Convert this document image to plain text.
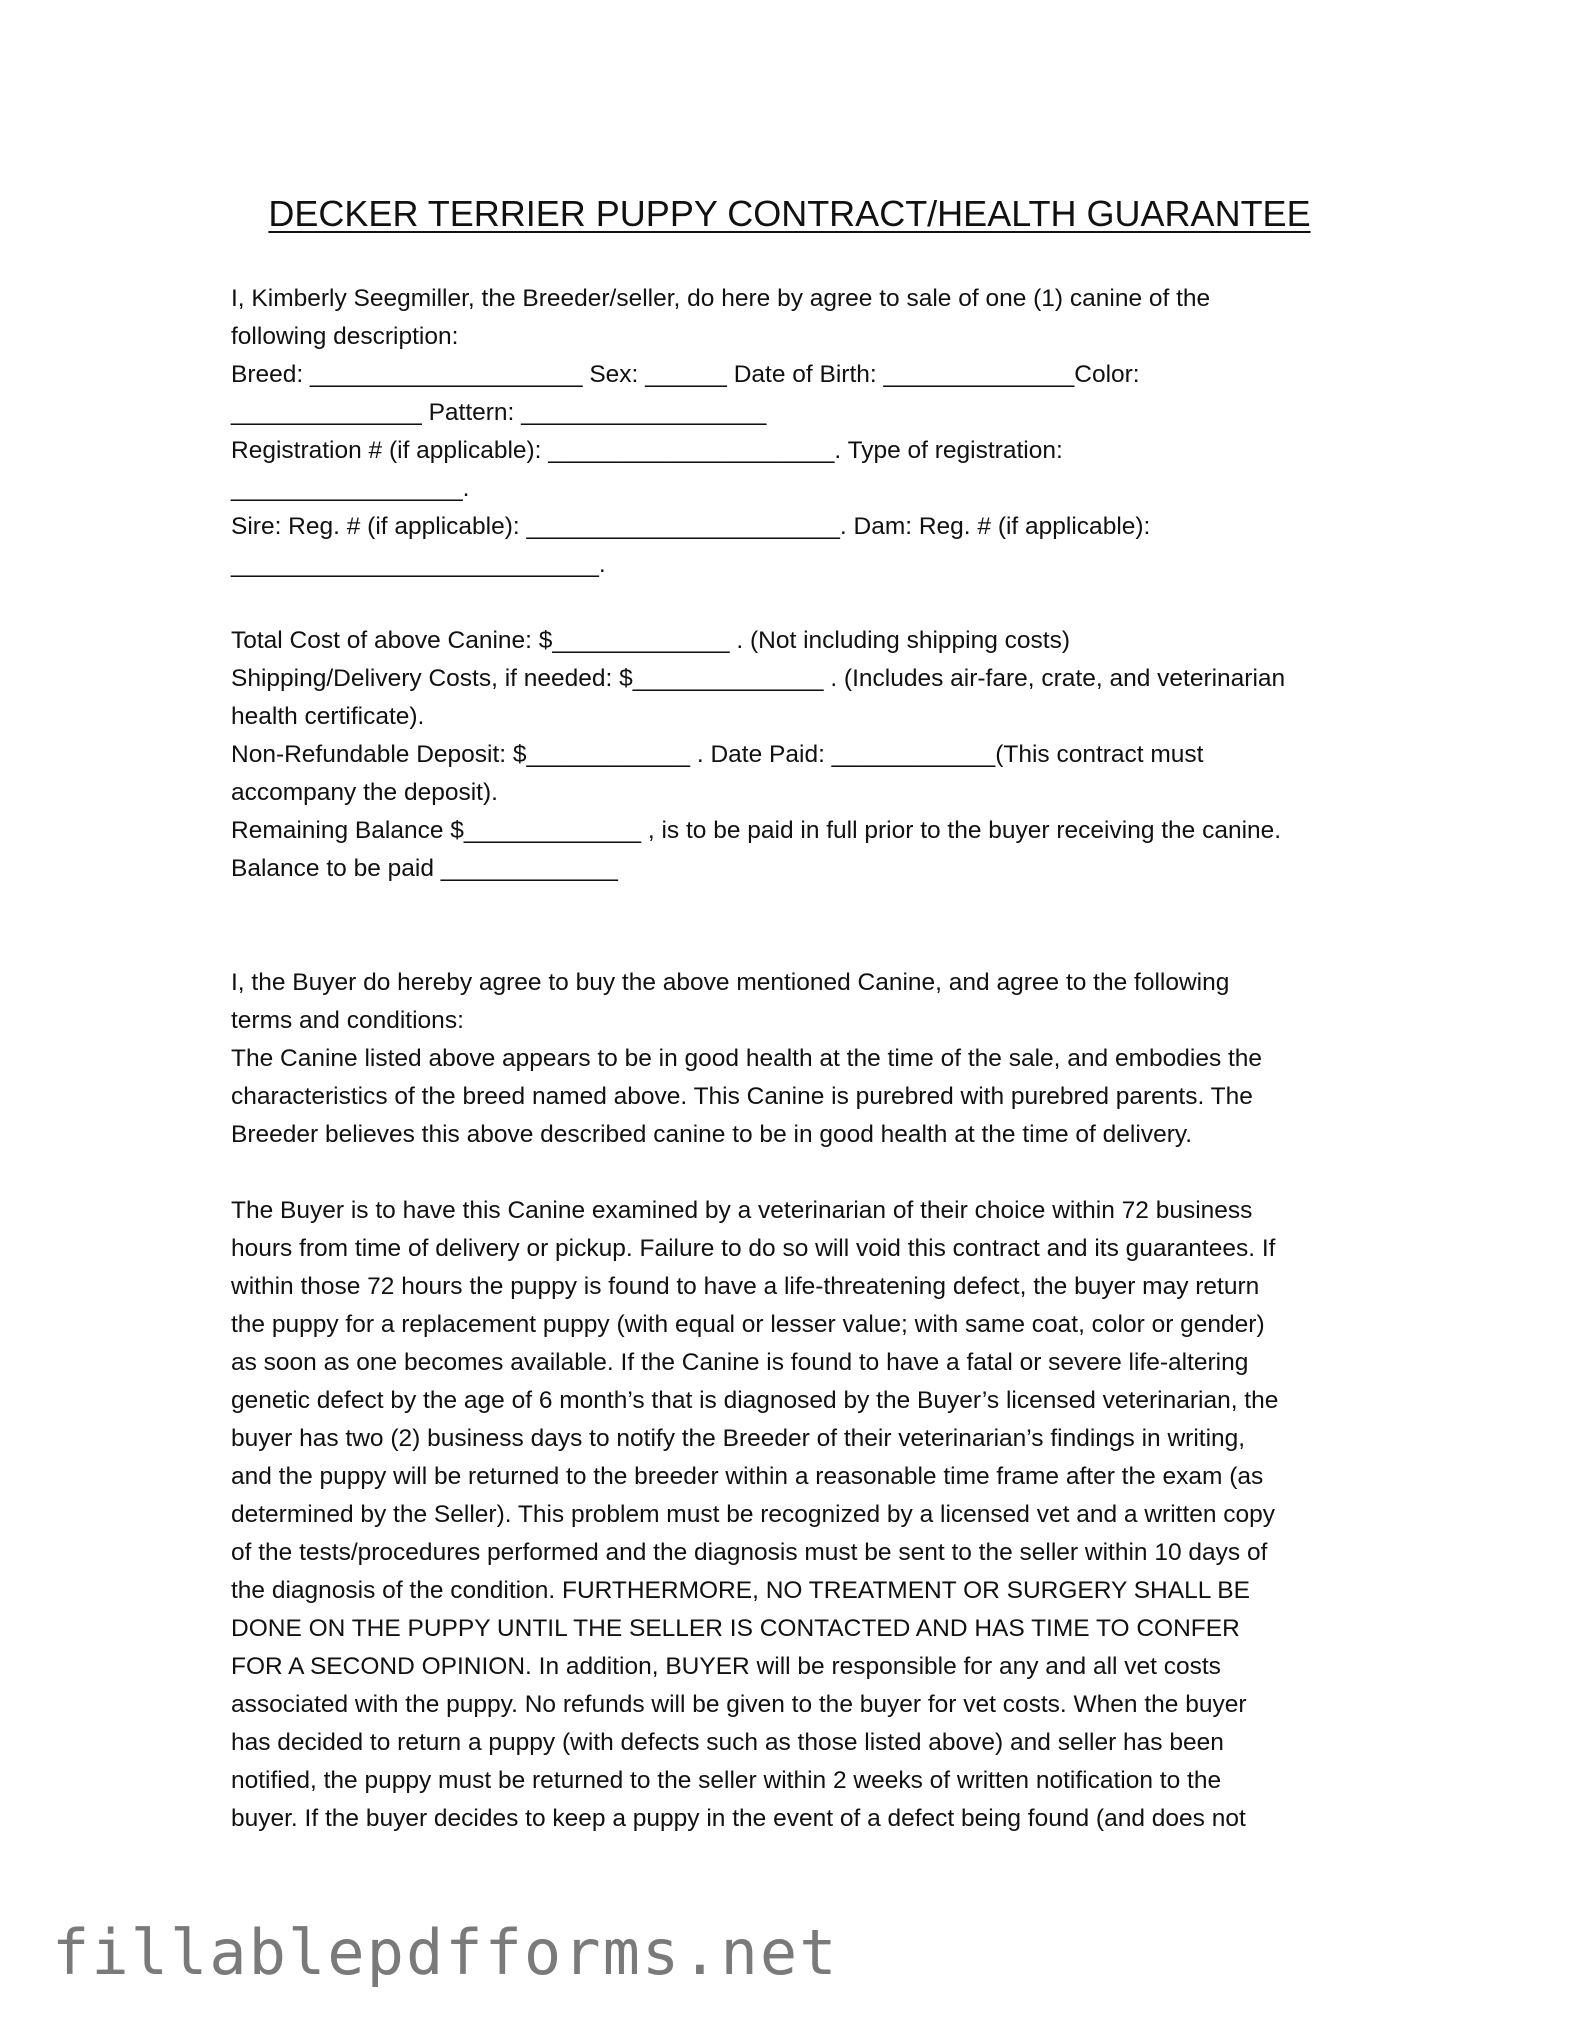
DECKER TERRIER PUPPY CONTRACT/HEALTH GUARANTEE
I, Kimberly Seegmiller, the Breeder/seller, do here by agree to sale of one (1) canine of the
following description:
Breed: ____________________ Sex: ______ Date of Birth: ______________Color:
______________ Pattern: __________________
Registration # (if applicable): _____________________. Type of registration:
_________________.
Sire: Reg. # (if applicable): _______________________. Dam: Reg. # (if applicable):
___________________________.
Total Cost of above Canine: $_____________ . (Not including shipping costs)
Shipping/Delivery Costs, if needed: $______________ . (Includes air-fare, crate, and veterinarian
health certificate).
Non-Refundable Deposit: $____________ . Date Paid: ____________(This contract must
accompany the deposit).
Remaining Balance $_____________ , is to be paid in full prior to the buyer receiving the canine.
Balance to be paid _____________
I, the Buyer do hereby agree to buy the above mentioned Canine, and agree to the following
terms and conditions:
The Canine listed above appears to be in good health at the time of the sale, and embodies the
characteristics of the breed named above. This Canine is purebred with purebred parents. The
Breeder believes this above described canine to be in good health at the time of delivery.
The Buyer is to have this Canine examined by a veterinarian of their choice within 72 business
hours from time of delivery or pickup. Failure to do so will void this contract and its guarantees. If
within those 72 hours the puppy is found to have a life-threatening defect, the buyer may return
the puppy for a replacement puppy (with equal or lesser value; with same coat, color or gender)
as soon as one becomes available. If the Canine is found to have a fatal or severe life-altering
genetic defect by the age of 6 month’s that is diagnosed by the Buyer’s licensed veterinarian, the
buyer has two (2) business days to notify the Breeder of their veterinarian’s findings in writing,
and the puppy will be returned to the breeder within a reasonable time frame after the exam (as
determined by the Seller). This problem must be recognized by a licensed vet and a written copy
of the tests/procedures performed and the diagnosis must be sent to the seller within 10 days of
the diagnosis of the condition. FURTHERMORE, NO TREATMENT OR SURGERY SHALL BE
DONE ON THE PUPPY UNTIL THE SELLER IS CONTACTED AND HAS TIME TO CONFER
FOR A SECOND OPINION. In addition, BUYER will be responsible for any and all vet costs
associated with the puppy. No refunds will be given to the buyer for vet costs. When the buyer
has decided to return a puppy (with defects such as those listed above) and seller has been
notified, the puppy must be returned to the seller within 2 weeks of written notification to the
buyer. If the buyer decides to keep a puppy in the event of a defect being found (and does not
fillablepdfforms.net
